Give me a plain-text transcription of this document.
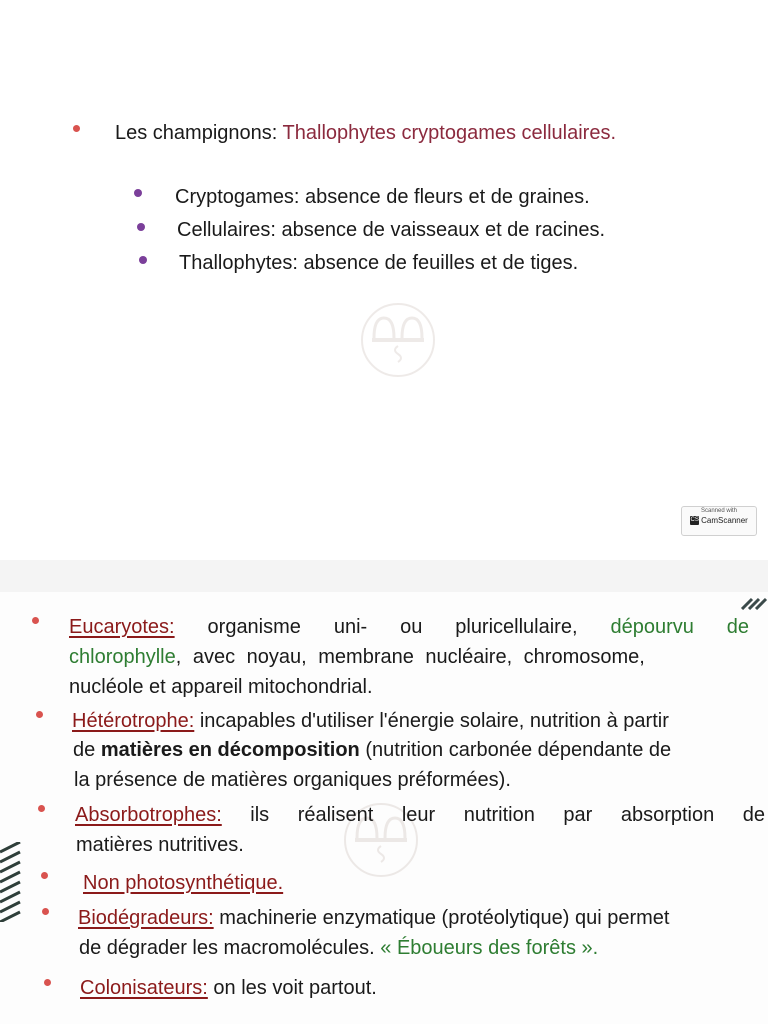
Les champignons: Thallophytes cryptogames cellulaires.
Cryptogames: absence de fleurs et de graines.
Cellulaires: absence de vaisseaux et de racines.
Thallophytes: absence de feuilles et de tiges.
Scanned with
CS CamScanner
Eucaryotes: organisme uni- ou pluricellulaire, dépourvu de
chlorophylle, avec noyau, membrane nucléaire, chromosome,
nucléole et appareil mitochondrial.
Hétérotrophe: incapables d'utiliser l'énergie solaire, nutrition à partir
de matières en décomposition (nutrition carbonée dépendante de
la présence de matières organiques préformées).
Absorbotrophes: ils réalisent leur nutrition par absorption de
matières nutritives.
Non photosynthétique.
Biodégradeurs: machinerie enzymatique (protéolytique) qui permet
de dégrader les macromolécules. « Éboueurs des forêts ».
Colonisateurs: on les voit partout.
